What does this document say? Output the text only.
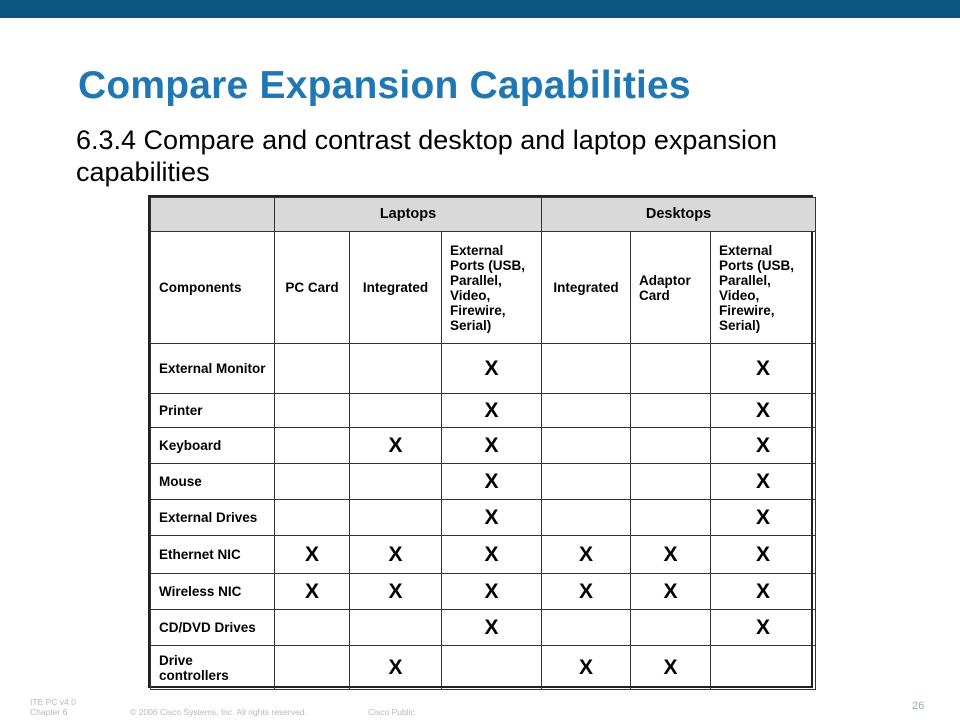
Compare Expansion Capabilities
6.3.4 Compare and contrast desktop and laptop expansion capabilities
	Laptops			Desktops		
Components	PC Card	Integrated	External Ports (USB, Parallel, Video, Firewire, Serial)	Integrated	Adaptor Card	External Ports (USB, Parallel, Video, Firewire, Serial)
External Monitor			X			X
Printer			X			X
Keyboard		X	X			X
Mouse			X			X
External Drives			X			X
Ethernet NIC	X	X	X	X	X	X
Wireless NIC	X	X	X	X	X	X
CD/DVD Drives			X			X
Drive controllers		X		X	X	
ITE PC v4.0
Chapter 6	© 2006 Cisco Systems, Inc. All rights reserved.	Cisco Public	26
